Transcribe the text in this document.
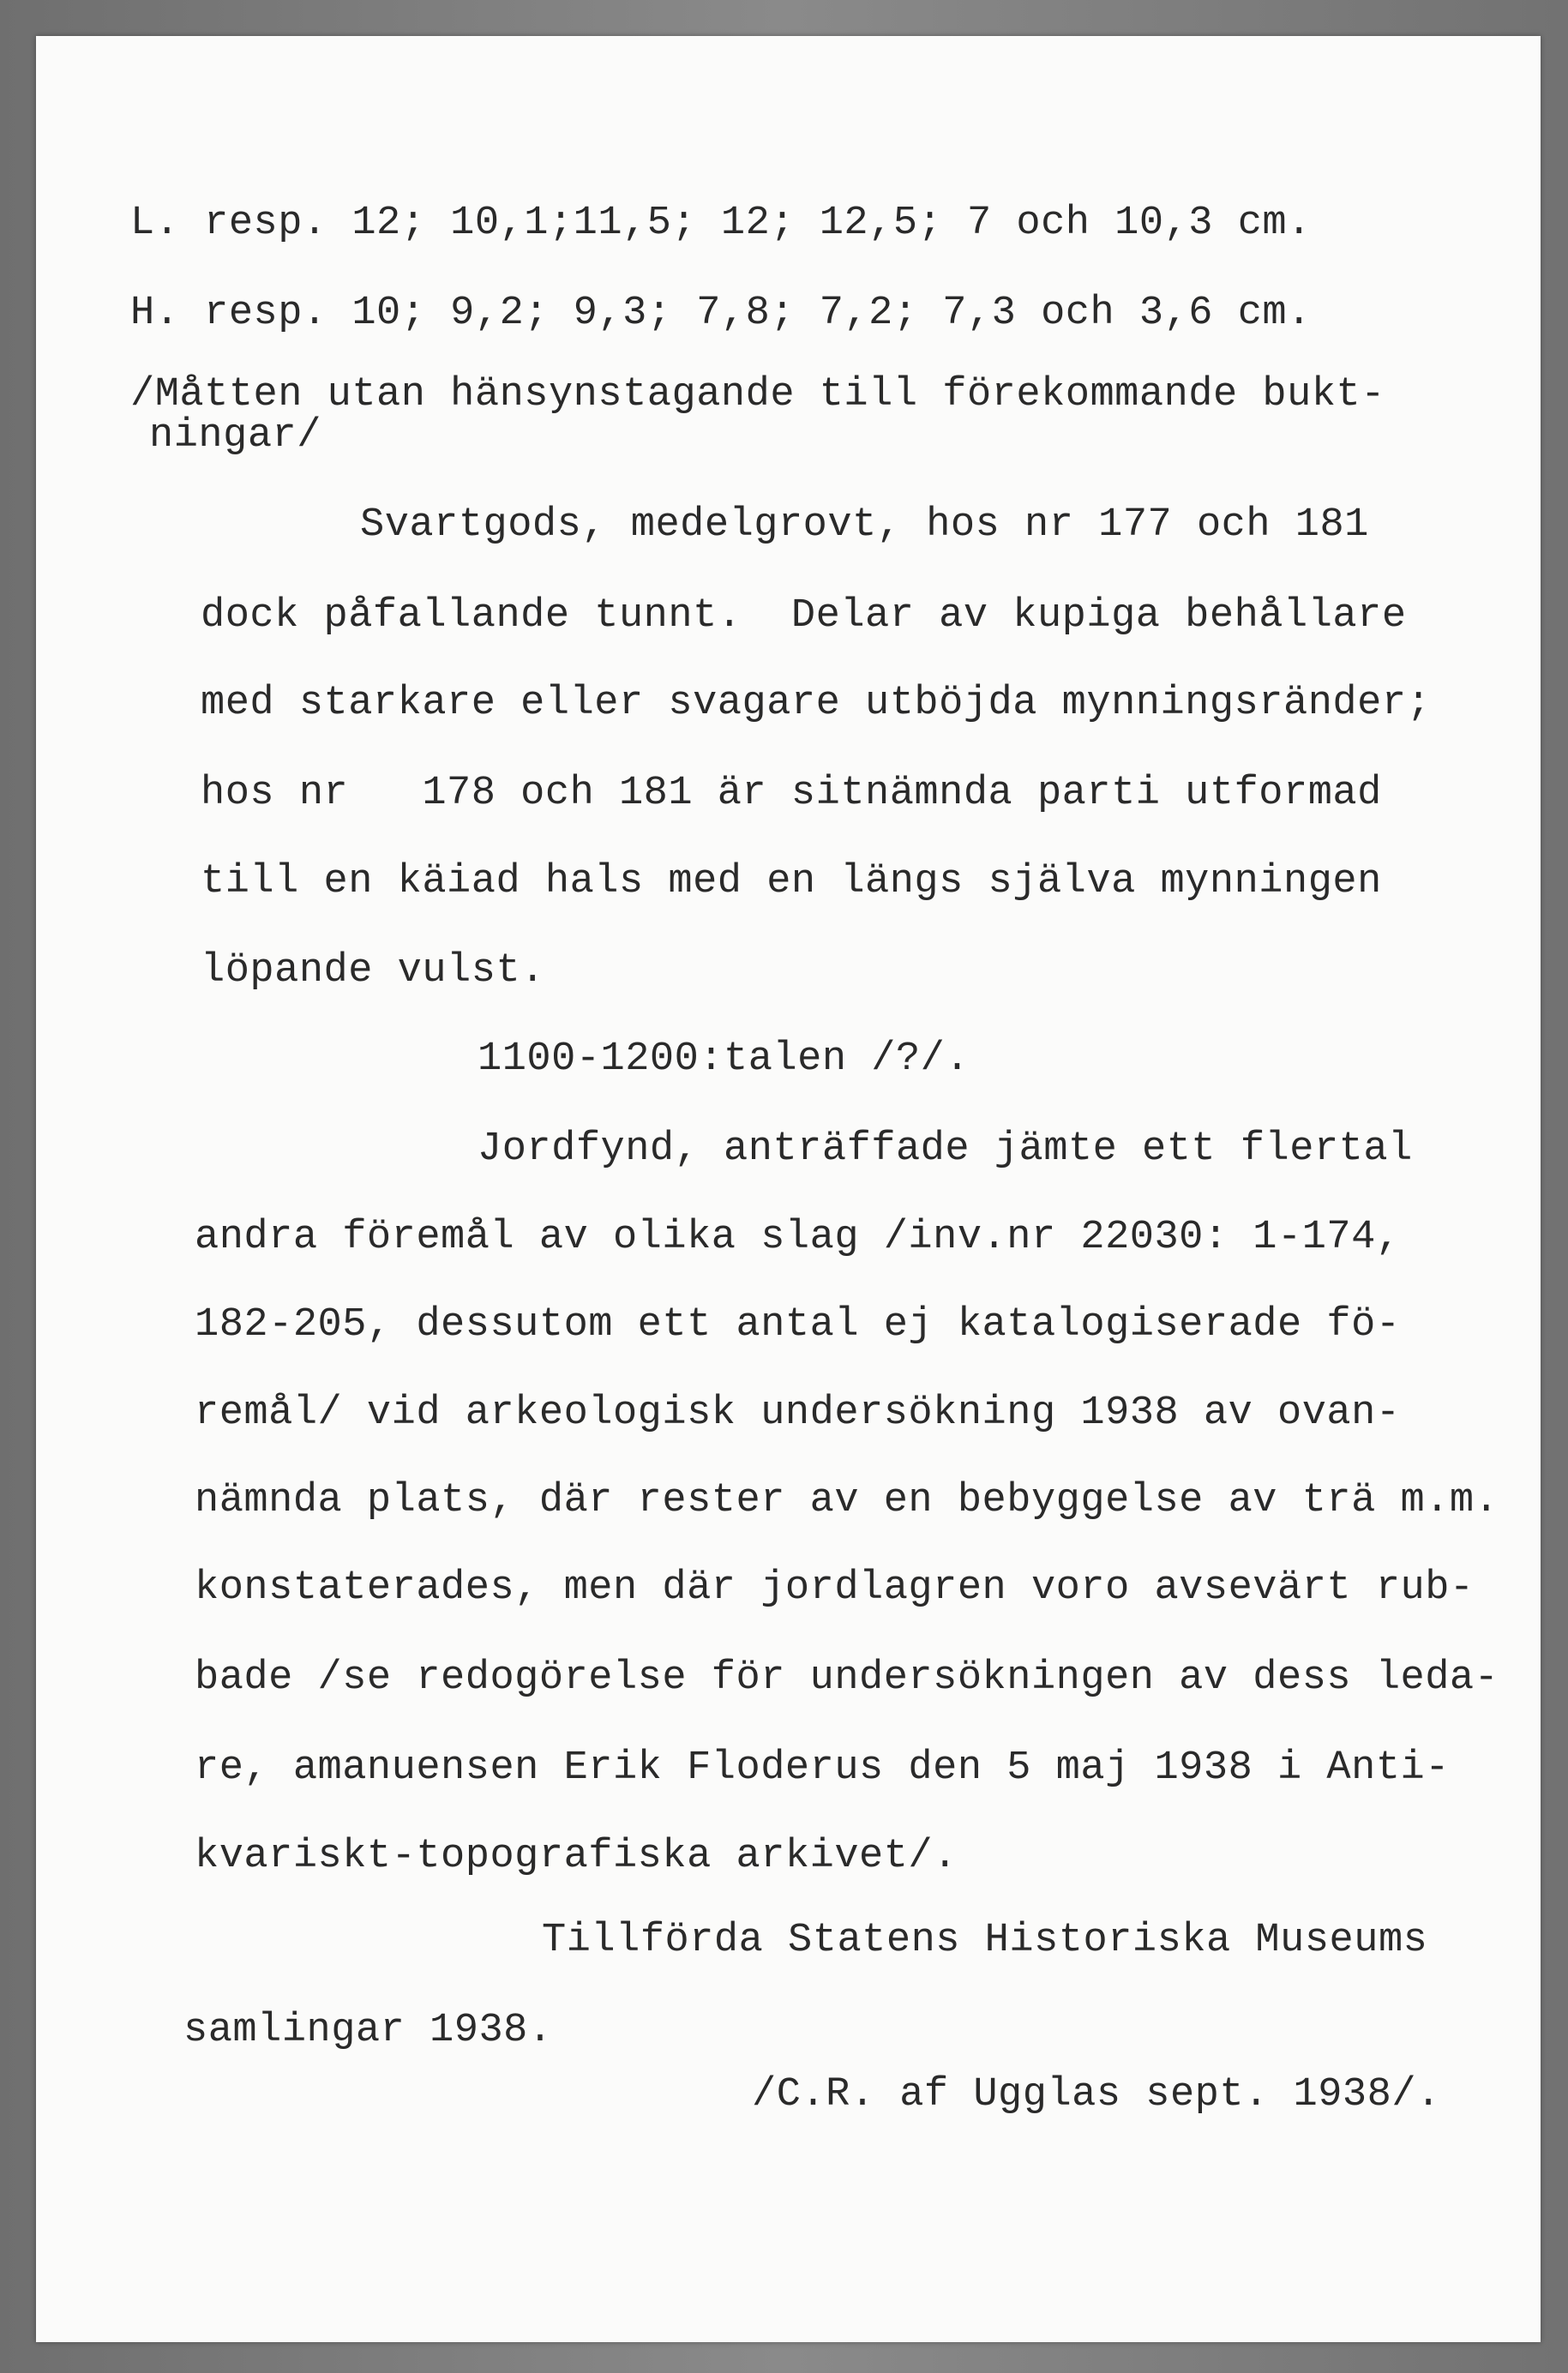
L. resp. 12; 10,1;11,5; 12; 12,5; 7 och 10,3 cm.
H. resp. 10; 9,2; 9,3; 7,8; 7,2; 7,3 och 3,6 cm.
/Måtten utan hänsynstagande till förekommande bukt-
ningar/
Svartgods, medelgrovt, hos nr 177 och 181
dock påfallande tunnt.  Delar av kupiga behållare
med starkare eller svagare utböjda mynningsränder;
hos nr   178 och 181 är sitnämnda parti utformad
till en käiad hals med en längs själva mynningen
löpande vulst.
1100-1200:talen /?/.
Jordfynd, anträffade jämte ett flertal
andra föremål av olika slag /inv.nr 22030: 1-174,
182-205, dessutom ett antal ej katalogiserade fö-
remål/ vid arkeologisk undersökning 1938 av ovan-
nämnda plats, där rester av en bebyggelse av trä m.m.
konstaterades, men där jordlagren voro avsevärt rub-
bade /se redogörelse för undersökningen av dess leda-
re, amanuensen Erik Floderus den 5 maj 1938 i Anti-
kvariskt-topografiska arkivet/.
Tillförda Statens Historiska Museums
samlingar 1938.
/C.R. af Ugglas sept. 1938/.
